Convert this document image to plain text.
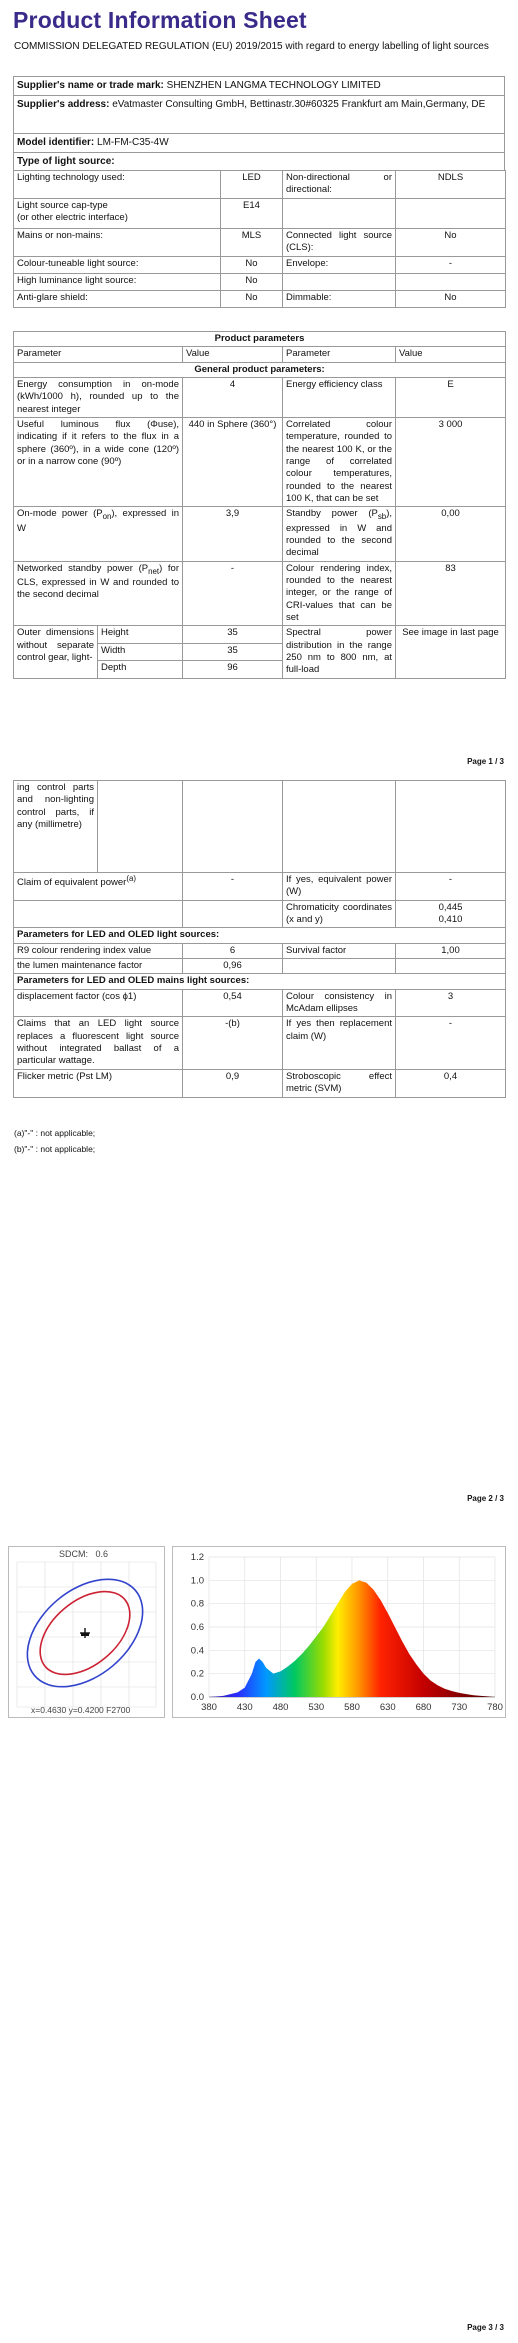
Product Information Sheet
COMMISSION DELEGATED REGULATION (EU) 2019/2015 with regard to energy labelling of light sources
Supplier's name or trade mark: SHENZHEN LANGMA TECHNOLOGY LIMITED
Supplier's address: eVatmaster Consulting GmbH, Bettinastr.30#60325 Frankfurt am Main,Germany, DE
Model identifier: LM-FM-C35-4W
Type of light source:
Lighting technology used:	LED	Non-directional or directional:	NDLS

Light source cap-type
(or other electric interface)	E14		
Mains or non-mains:	MLS	Connected light source (CLS):	No
Colour-tuneable light source:	No	Envelope:	-
High luminance light source:	No		
Anti-glare shield:	No	Dimmable:	No
Product parameters				
Parameter		Value	Parameter	Value
General product parameters:				
Energy consumption in on-mode (kWh/1000 h), rounded up to the nearest integer		4	Energy efficiency class	E
Useful luminous flux (Φuse), indicating if it refers to the flux in a sphere (360º), in a wide cone (120º) or in a narrow cone (90º)		440 in Sphere (360°)	Correlated colour temperature, rounded to the nearest 100 K, or the range of correlated colour temperatures, rounded to the nearest 100 K, that can be set	3 000
On-mode power $(P_{on})$, expressed in W		3,9	Standby power $(P_{sb})$, expressed in W and rounded to the second decimal	0,00
Networked standby power $(P_{net})$ for CLS, expressed in W and rounded to the second decimal		-	Colour rendering index, rounded to the nearest integer, or the range of CRI-values that can be set	83
Outer dimensions without separate control gear, light-	Height	35	Spectral power distribution in the range 250 nm to 800 nm, at full-load	See image in last page
	Width	35		
	Depth	96		
Page 1 / 3
ing control parts and non-lighting control parts, if any (millimetre)				
Claim of equivalent power$^{(a)}$		-	If yes, equivalent power (W)	-
			Chromaticity coordinates (x and y)	0,445
0,410

Parameters for LED and OLED light sources:				
R9 colour rendering index value		6	Survival factor	1,00
the lumen maintenance factor		0,96		
Parameters for LED and OLED mains light sources:				
displacement factor (cos ϕ1)		0,54	Colour consistency in McAdam ellipses	3
Claims that an LED light source replaces a fluorescent light source without integrated ballast of a particular wattage.		-(b)	If yes then replacement claim (W)	-
Flicker metric (Pst LM)		0,9	Stroboscopic effect metric (SVM)	0,4
(a)"-" : not applicable;
(b)"-" : not applicable;
Page 2 / 3
SDCM: 0.6
x=0.4630 y=0.4200 F2700
0.0
0.2
0.4
0.6
0.8
1.0
1.2
380 430 480 530 580 630 680 730 780
Page 3 / 3
